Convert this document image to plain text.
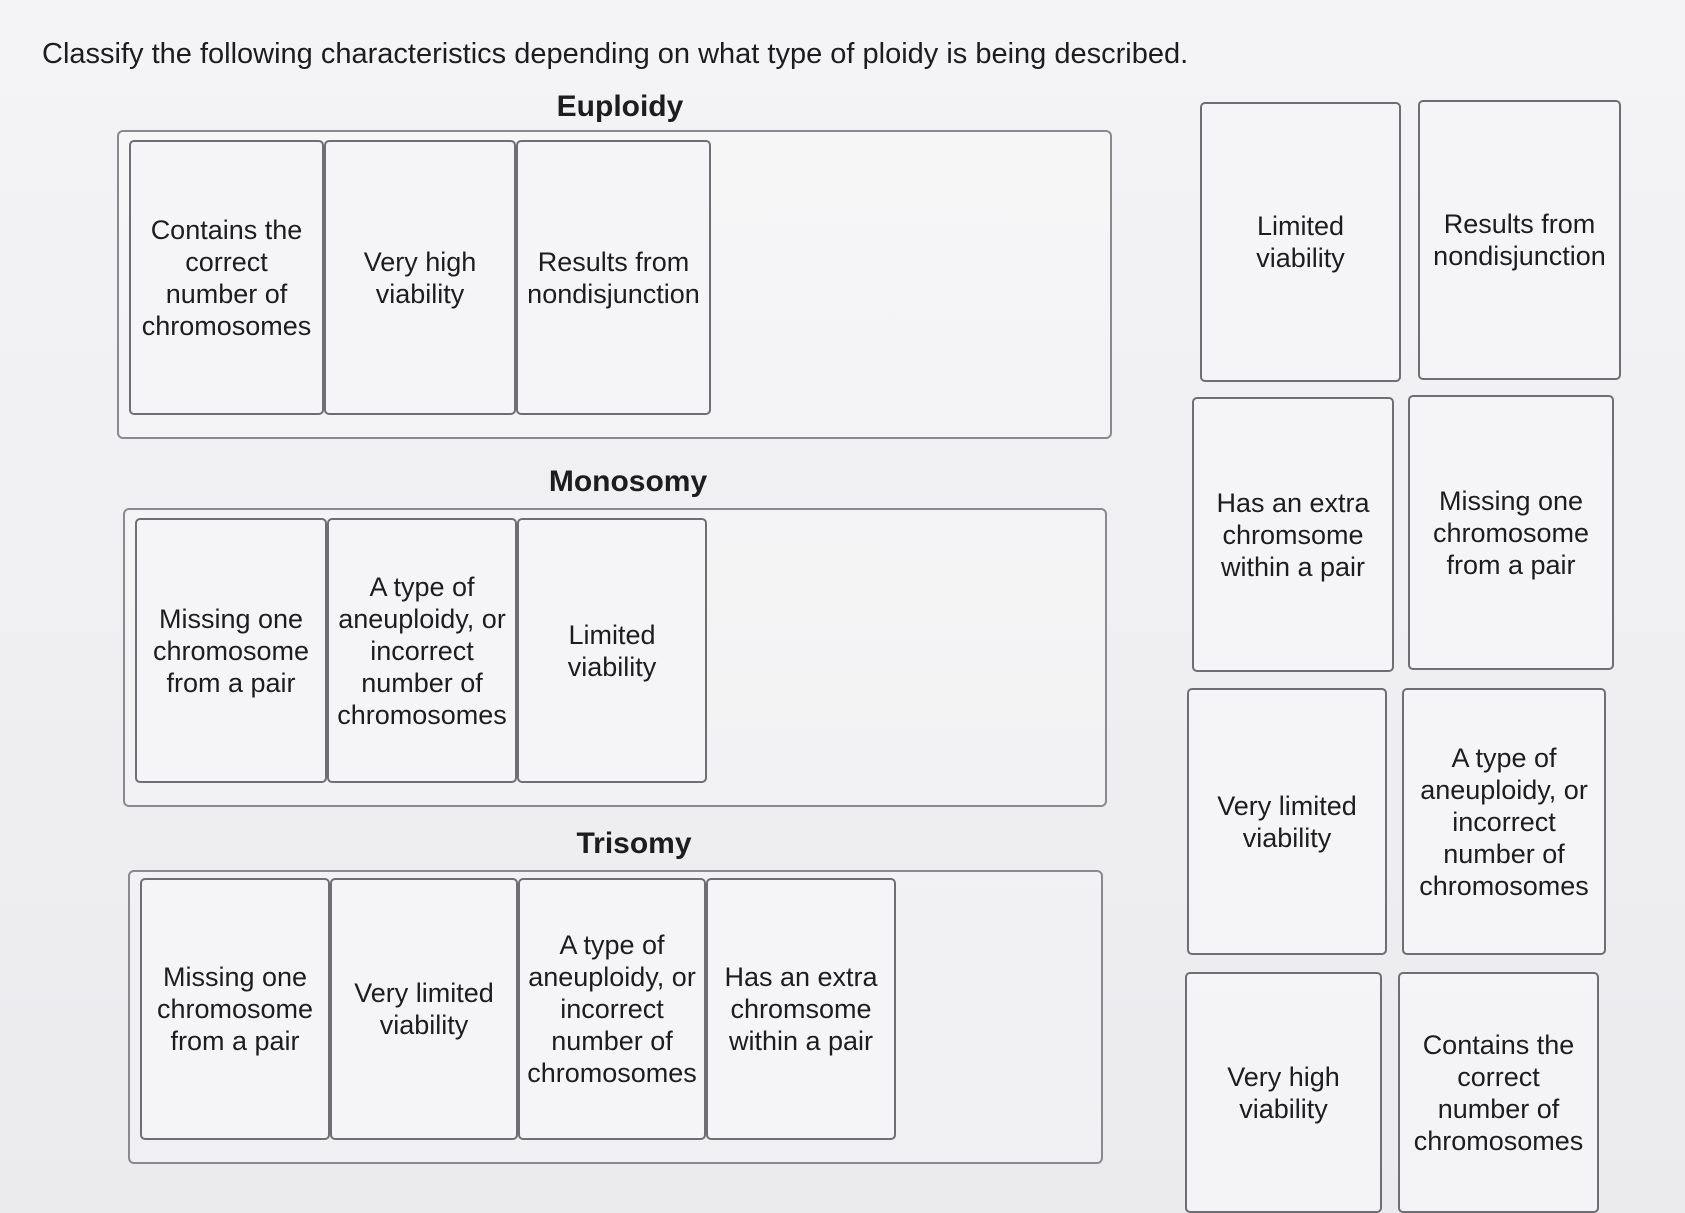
Classify the following characteristics depending on what type of ploidy is being described.
Euploidy
Contains the
correct
number of
chromosomes
Very high
viability
Results from
nondisjunction
Monosomy
Missing one
chromosome
from a pair
A type of
aneuploidy, or
incorrect
number of
chromosomes
Limited
viability
Trisomy
Missing one
chromosome
from a pair
Very limited
viability
A type of
aneuploidy, or
incorrect
number of
chromosomes
Has an extra
chromsome
within a pair
Limited
viability
Results from
nondisjunction
Has an extra
chromsome
within a pair
Missing one
chromosome
from a pair
Very limited
viability
A type of
aneuploidy, or
incorrect
number of
chromosomes
Very high
viability
Contains the
correct
number of
chromosomes
